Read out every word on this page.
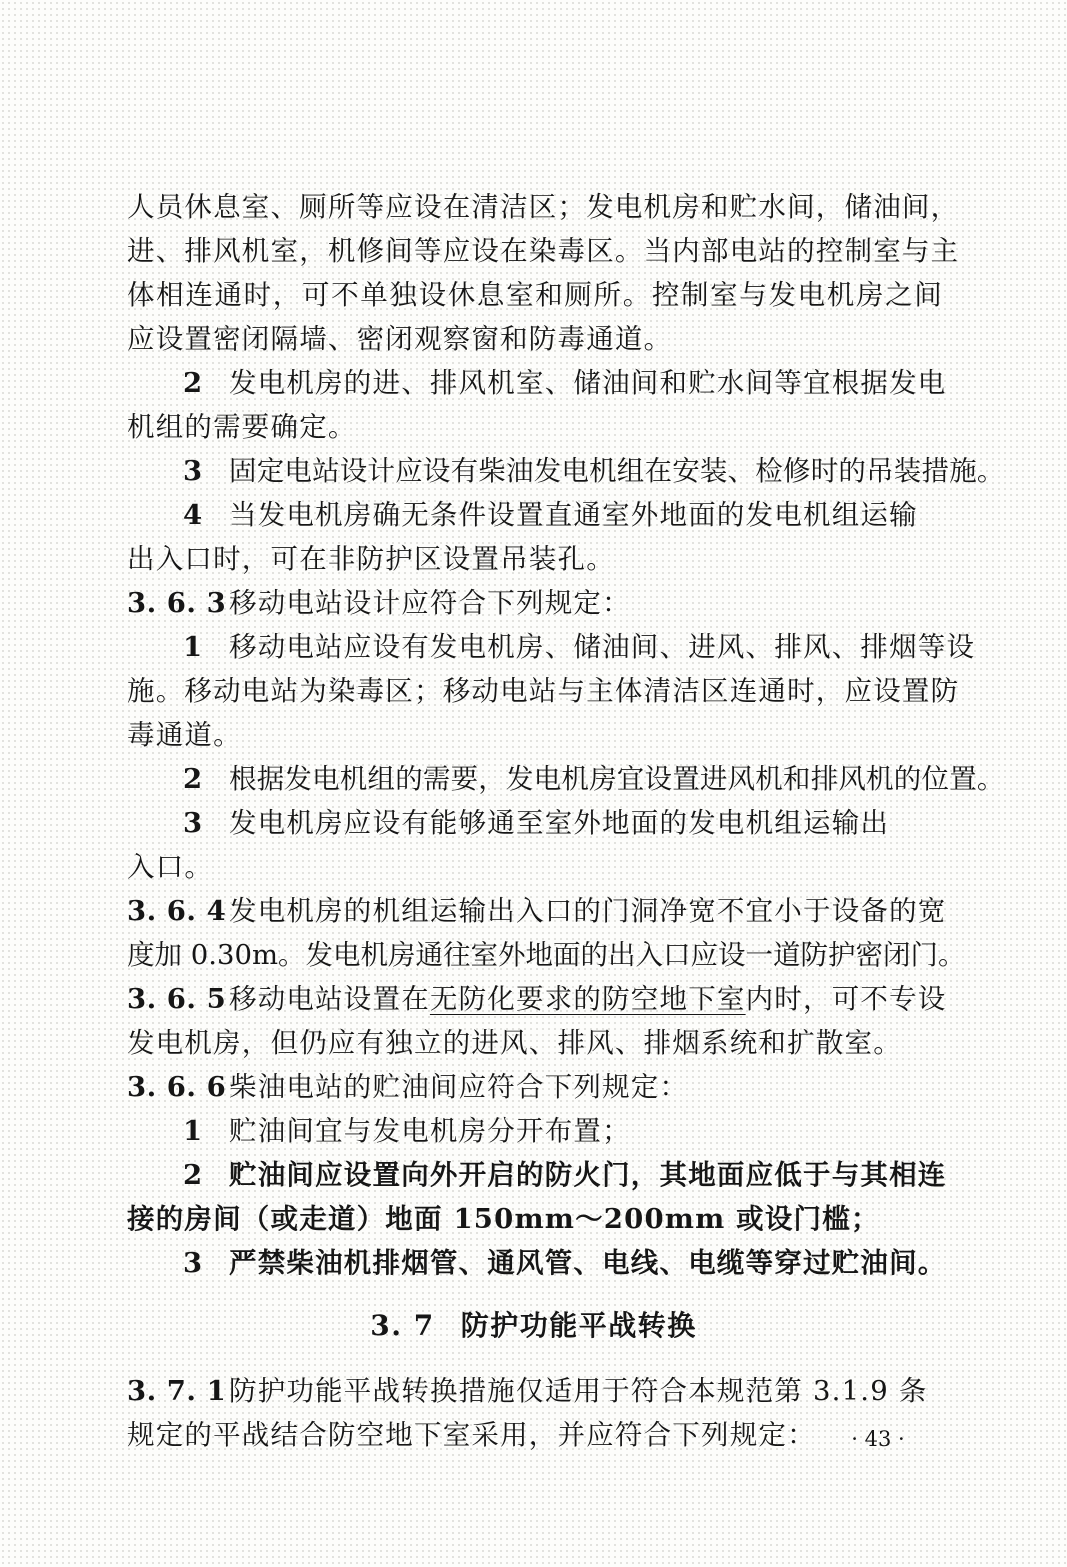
人员休息室、厕所等应设在清洁区；发电机房和贮水间，储油间，
进、排风机室，机修间等应设在染毒区。当内部电站的控制室与主
体相连通时，可不单独设休息室和厕所。控制室与发电机房之间
应设置密闭隔墙、密闭观察窗和防毒通道。
2 发电机房的进、排风机室、储油间和贮水间等宜根据发电
机组的需要确定。
3 固定电站设计应设有柴油发电机组在安装、检修时的吊装措施。
4 当发电机房确无条件设置直通室外地面的发电机组运输
出入口时，可在非防护区设置吊装孔。
3. 6. 3 移动电站设计应符合下列规定：
1 移动电站应设有发电机房、储油间、进风、排风、排烟等设
施。移动电站为染毒区；移动电站与主体清洁区连通时，应设置防
毒通道。
2 根据发电机组的需要，发电机房宜设置进风机和排风机的位置。
3 发电机房应设有能够通至室外地面的发电机组运输出
入口。
3. 6. 4 发电机房的机组运输出入口的门洞净宽不宜小于设备的宽
度加 0.30m。发电机房通往室外地面的出入口应设一道防护密闭门。
3. 6. 5 移动电站设置在无防化要求的防空地下室内时，可不专设
发电机房，但仍应有独立的进风、排风、排烟系统和扩散室。
3. 6. 6 柴油电站的贮油间应符合下列规定：
1 贮油间宜与发电机房分开布置；
2 贮油间应设置向外开启的防火门，其地面应低于与其相连
接的房间（或走道）地面 150mm～200mm 或设门槛；
3 严禁柴油机排烟管、通风管、电线、电缆等穿过贮油间。
3. 7 防护功能平战转换
3. 7. 1 防护功能平战转换措施仅适用于符合本规范第 3.1.9 条
规定的平战结合防空地下室采用，并应符合下列规定：	· 43 ·
